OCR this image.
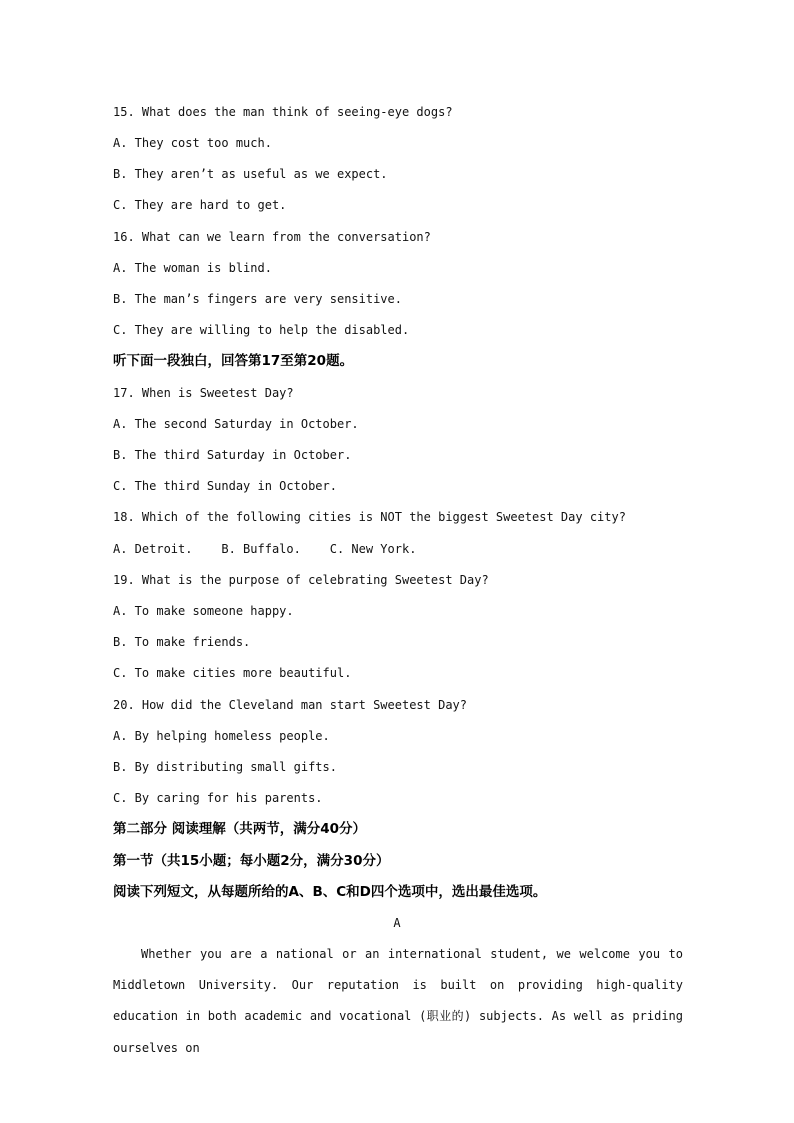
15. What does the man think of seeing-eye dogs?
A. They cost too much.
B. They aren’t as useful as we expect.
C. They are hard to get.
16. What can we learn from the conversation?
A. The woman is blind.
B. The man’s fingers are very sensitive.
C. They are willing to help the disabled.
听下面一段独白，回答第17至第20题。
17. When is Sweetest Day?
A. The second Saturday in October.
B. The third Saturday in October.
C. The third Sunday in October.
18. Which of the following cities is NOT the biggest Sweetest Day city?
A. Detroit.    B. Buffalo.    C. New York.
19. What is the purpose of celebrating Sweetest Day?
A. To make someone happy.
B. To make friends.
C. To make cities more beautiful.
20. How did the Cleveland man start Sweetest Day?
A. By helping homeless people.
B. By distributing small gifts.
C. By caring for his parents.
第二部分 阅读理解（共两节，满分40分）
第一节（共15小题；每小题2分，满分30分）
阅读下列短文，从每题所给的A、B、C和D四个选项中，选出最佳选项。
A

Whether you are a national or an international student, we welcome you to Middletown University. Our reputation is built on providing high-quality education in both academic and vocational (职业的) subjects. As well as priding ourselves on
